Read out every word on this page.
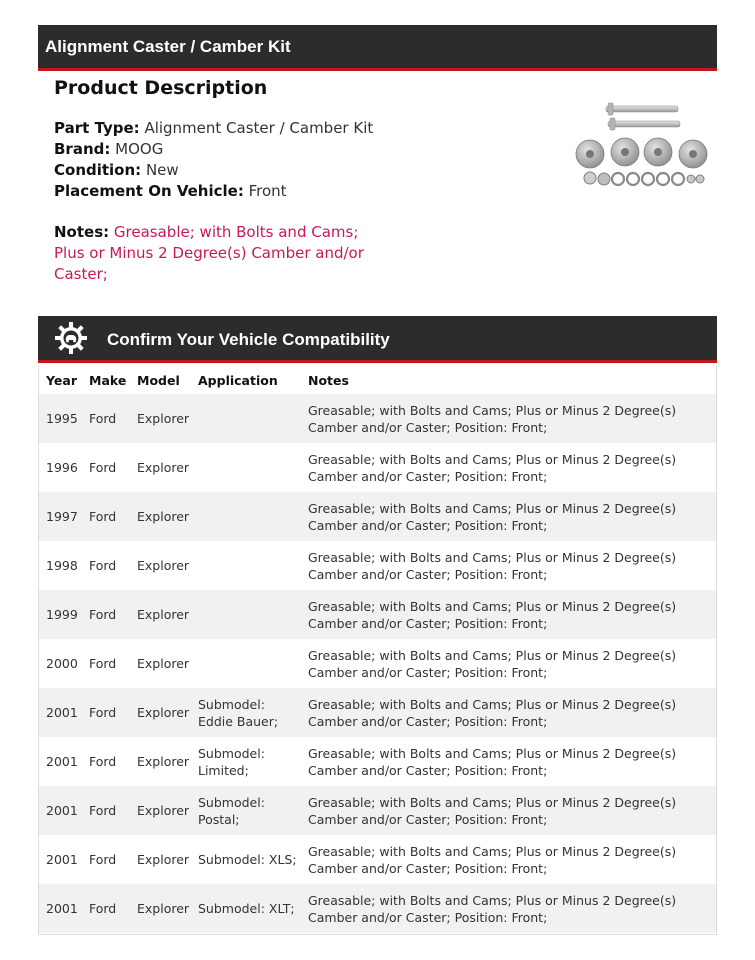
Alignment Caster / Camber Kit
Product Description
Part Type: Alignment Caster / Camber Kit
Brand: MOOG
Condition: New
Placement On Vehicle: Front
Notes: Greasable; with Bolts and Cams; Plus or Minus 2 Degree(s) Camber and/or Caster;
Confirm Your Vehicle Compatibility
Year	Make	Model	Application	Notes
1995	Ford	Explorer		Greasable; with Bolts and Cams; Plus or Minus 2 Degree(s) Camber and/or Caster; Position: Front;
1996	Ford	Explorer		Greasable; with Bolts and Cams; Plus or Minus 2 Degree(s) Camber and/or Caster; Position: Front;
1997	Ford	Explorer		Greasable; with Bolts and Cams; Plus or Minus 2 Degree(s) Camber and/or Caster; Position: Front;
1998	Ford	Explorer		Greasable; with Bolts and Cams; Plus or Minus 2 Degree(s) Camber and/or Caster; Position: Front;
1999	Ford	Explorer		Greasable; with Bolts and Cams; Plus or Minus 2 Degree(s) Camber and/or Caster; Position: Front;
2000	Ford	Explorer		Greasable; with Bolts and Cams; Plus or Minus 2 Degree(s) Camber and/or Caster; Position: Front;
2001	Ford	Explorer	Submodel: Eddie Bauer;	Greasable; with Bolts and Cams; Plus or Minus 2 Degree(s) Camber and/or Caster; Position: Front;
2001	Ford	Explorer	Submodel: Limited;	Greasable; with Bolts and Cams; Plus or Minus 2 Degree(s) Camber and/or Caster; Position: Front;
2001	Ford	Explorer	Submodel: Postal;	Greasable; with Bolts and Cams; Plus or Minus 2 Degree(s) Camber and/or Caster; Position: Front;
2001	Ford	Explorer	Submodel: XLS;	Greasable; with Bolts and Cams; Plus or Minus 2 Degree(s) Camber and/or Caster; Position: Front;
2001	Ford	Explorer	Submodel: XLT;	Greasable; with Bolts and Cams; Plus or Minus 2 Degree(s) Camber and/or Caster; Position: Front;
